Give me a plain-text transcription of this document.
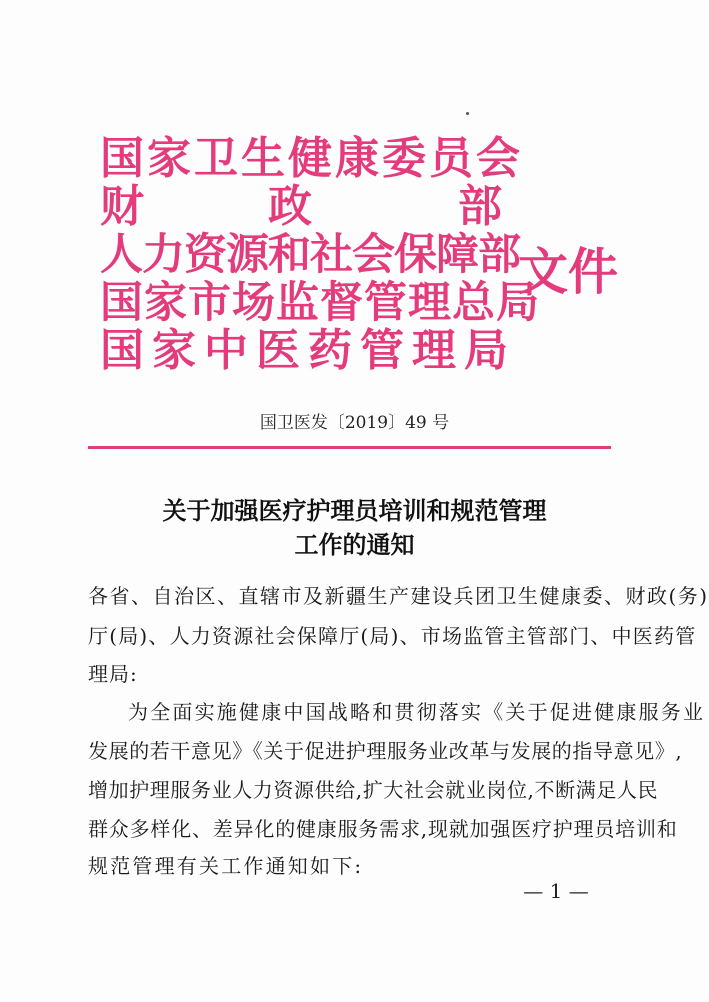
国家卫生健康委员会
财	政	部
人力资源和社会保障部
国家市场监督管理总局
国家中医药管理局
文件
国卫医发〔2019〕49 号
关于加强医疗护理员培训和规范管理
工作的通知
各省、自治区、直辖市及新疆生产建设兵团卫生健康委、财政(务)
厅(局)、人力资源社会保障厅(局)、市场监管主管部门、中医药管
理局:
为全面实施健康中国战略和贯彻落实《关于促进健康服务业
发展的若干意见》《关于促进护理服务业改革与发展的指导意见》,
增加护理服务业人力资源供给,扩大社会就业岗位,不断满足人民
群众多样化、差异化的健康服务需求,现就加强医疗护理员培训和
规范管理有关工作通知如下:
— 1 —
